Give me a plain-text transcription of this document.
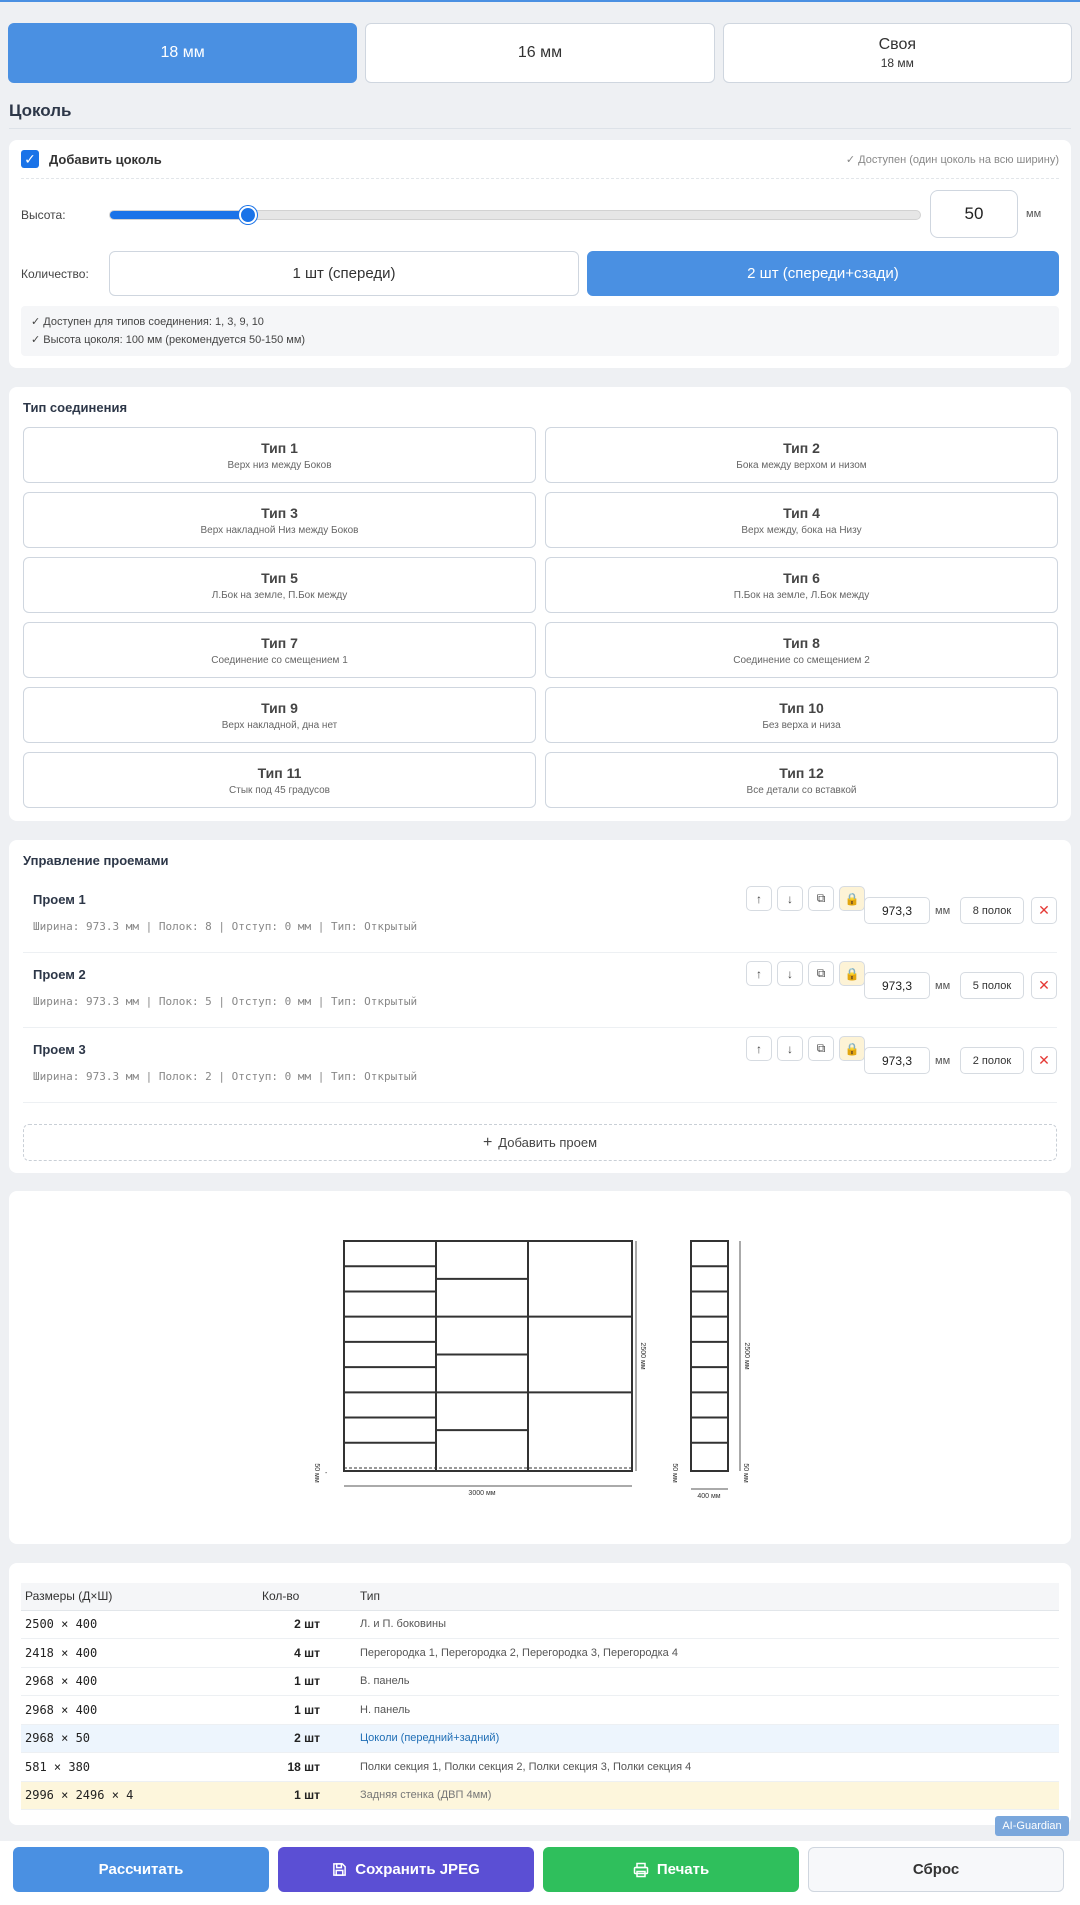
18 мм	16 мм	Своя
18 мм
Цоколь
✓ Добавить цоколь	✓ Доступен (один цоколь на всю ширину)
Высота:	50	мм
Количество:	1 шт (спереди)	2 шт (спереди+сзади)
✓ Доступен для типов соединения: 1, 3, 9, 10
✓ Высота цоколя: 100 мм (рекомендуется 50-150 мм)
Тип соединения
Тип 1
Верх низ между Боков
Тип 2
Бока между верхом и низом
Тип 3
Верх накладной Низ между Боков
Тип 4
Верх между, бока на Низу
Тип 5
Л.Бок на земле, П.Бок между
Тип 6
П.Бок на земле, Л.Бок между
Тип 7
Соединение со смещением 1
Тип 8
Соединение со смещением 2
Тип 9
Верх накладной, дна нет
Тип 10
Без верха и низа
Тип 11
Стык под 45 градусов
Тип 12
Все детали со вставкой
Управление проемами
Проем 1
Ширина: 973.3 мм | Полок: 8 | Отступ: 0 мм | Тип: Открытый
↑ ↓ ⧉ 🔒
973,3	мм	8 полок	✕
Проем 2
Ширина: 973.3 мм | Полок: 5 | Отступ: 0 мм | Тип: Открытый
↑ ↓ ⧉ 🔒
973,3	мм	5 полок	✕
Проем 3
Ширина: 973.3 мм | Полок: 2 | Отступ: 0 мм | Тип: Открытый
↑ ↓ ⧉ 🔒
973,3	мм	2 полок	✕
+ Добавить проем
2500 мм
3000 мм
50 мм -
2500 мм
400 мм
50 мм	50 мм
Размеры (Д×Ш)	Кол-во	Тип
2500 × 400	2 шт	Л. и П. боковины
2418 × 400	4 шт	Перегородка 1, Перегородка 2, Перегородка 3, Перегородка 4
2968 × 400	1 шт	В. панель
2968 × 400	1 шт	Н. панель
2968 × 50	2 шт	Цоколи (передний+задний)
581 × 380	18 шт	Полки секция 1, Полки секция 2, Полки секция 3, Полки секция 4
2996 × 2496 × 4	1 шт	Задняя стенка (ДВП 4мм)
AI-Guardian
Рассчитать	Сохранить JPEG	Печать	Сброс
